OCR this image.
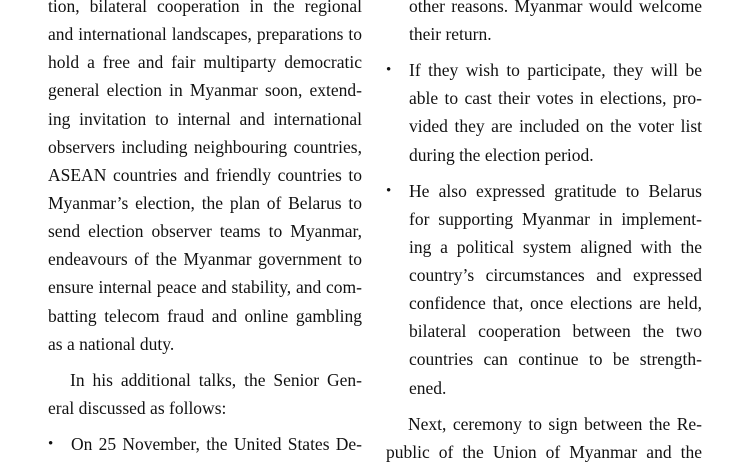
tion, bilateral cooperation in the regional
and international landscapes, preparations to
hold a free and fair multiparty democratic
general election in Myanmar soon, extend-
ing invitation to internal and international
observers including neighbouring countries,
ASEAN countries and friendly countries to
Myanmar’s election, the plan of Belarus to
send election observer teams to Myanmar,
endeavours of the Myanmar government to
ensure internal peace and stability, and com-
batting telecom fraud and online gambling
as a national duty.
In his additional talks, the Senior Gen-
eral discussed as follows:
• On 25 November, the United States De-
other reasons. Myanmar would welcome
their return.
• If they wish to participate, they will be
able to cast their votes in elections, pro-
vided they are included on the voter list
during the election period.
• He also expressed gratitude to Belarus
for supporting Myanmar in implement-
ing a political system aligned with the
country’s circumstances and expressed
confidence that, once elections are held,
bilateral cooperation between the two
countries can continue to be strength-
ened.
Next, ceremony to sign between the Re-
public of the Union of Myanmar and the
